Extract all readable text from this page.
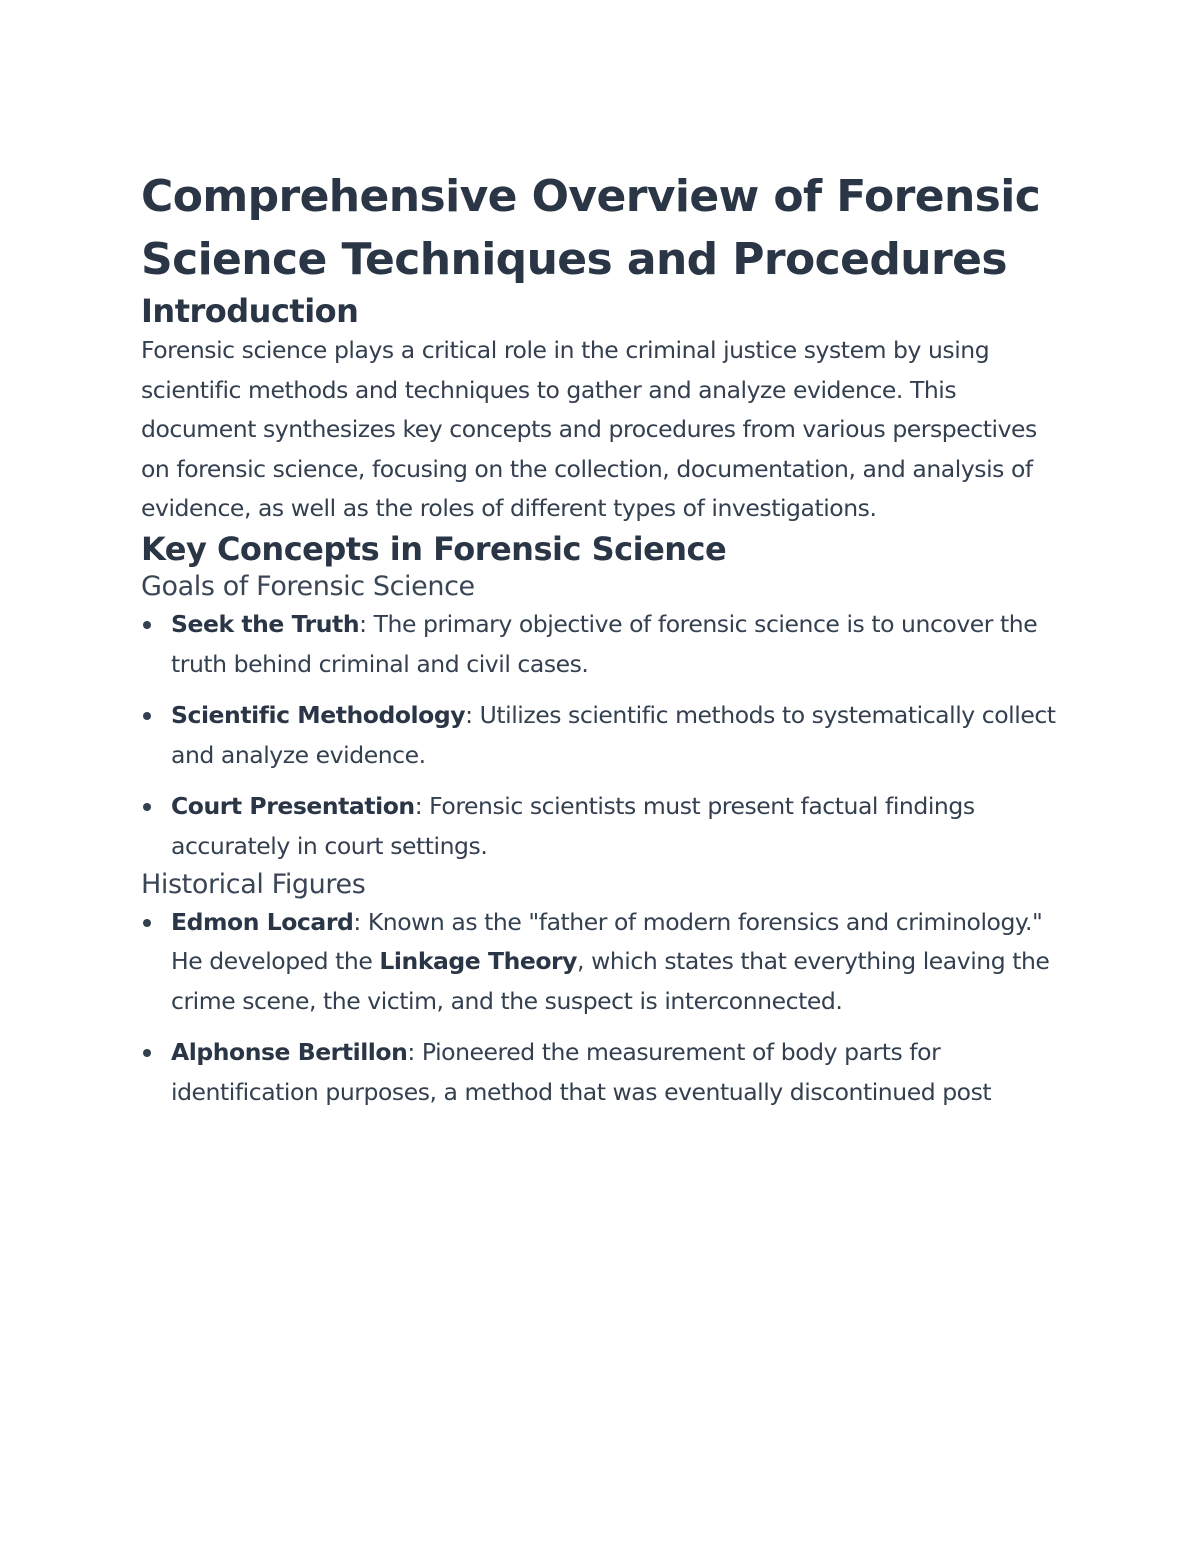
Comprehensive Overview of Forensic Science Techniques and Procedures
Introduction

Forensic science plays a critical role in the criminal justice system by using scientific methods and techniques to gather and analyze evidence. This document synthesizes key concepts and procedures from various perspectives on forensic science, focusing on the collection, documentation, and analysis of evidence, as well as the roles of different types of investigations.

Key Concepts in Forensic Science
Goals of Forensic Science
Seek the Truth: The primary objective of forensic science is to uncover the truth behind criminal and civil cases.
Scientific Methodology: Utilizes scientific methods to systematically collect and analyze evidence.
Court Presentation: Forensic scientists must present factual findings accurately in court settings.
Historical Figures
Edmon Locard: Known as the "father of modern forensics and criminology." He developed the Linkage Theory, which states that everything leaving the crime scene, the victim, and the suspect is interconnected.
Alphonse Bertillon: Pioneered the measurement of body parts for identification purposes, a method that was eventually discontinued post
